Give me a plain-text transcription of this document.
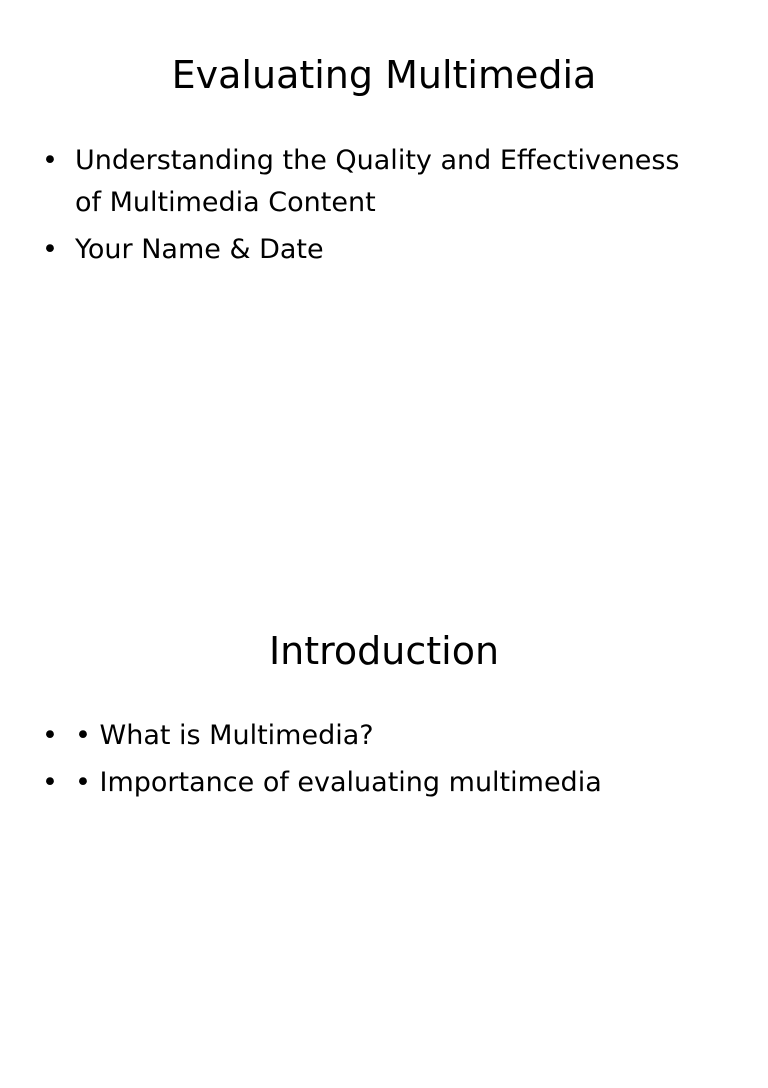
Evaluating Multimedia
• Understanding the Quality and Effectiveness of Multimedia Content
• Your Name & Date
Introduction
• • What is Multimedia?
• • Importance of evaluating multimedia
